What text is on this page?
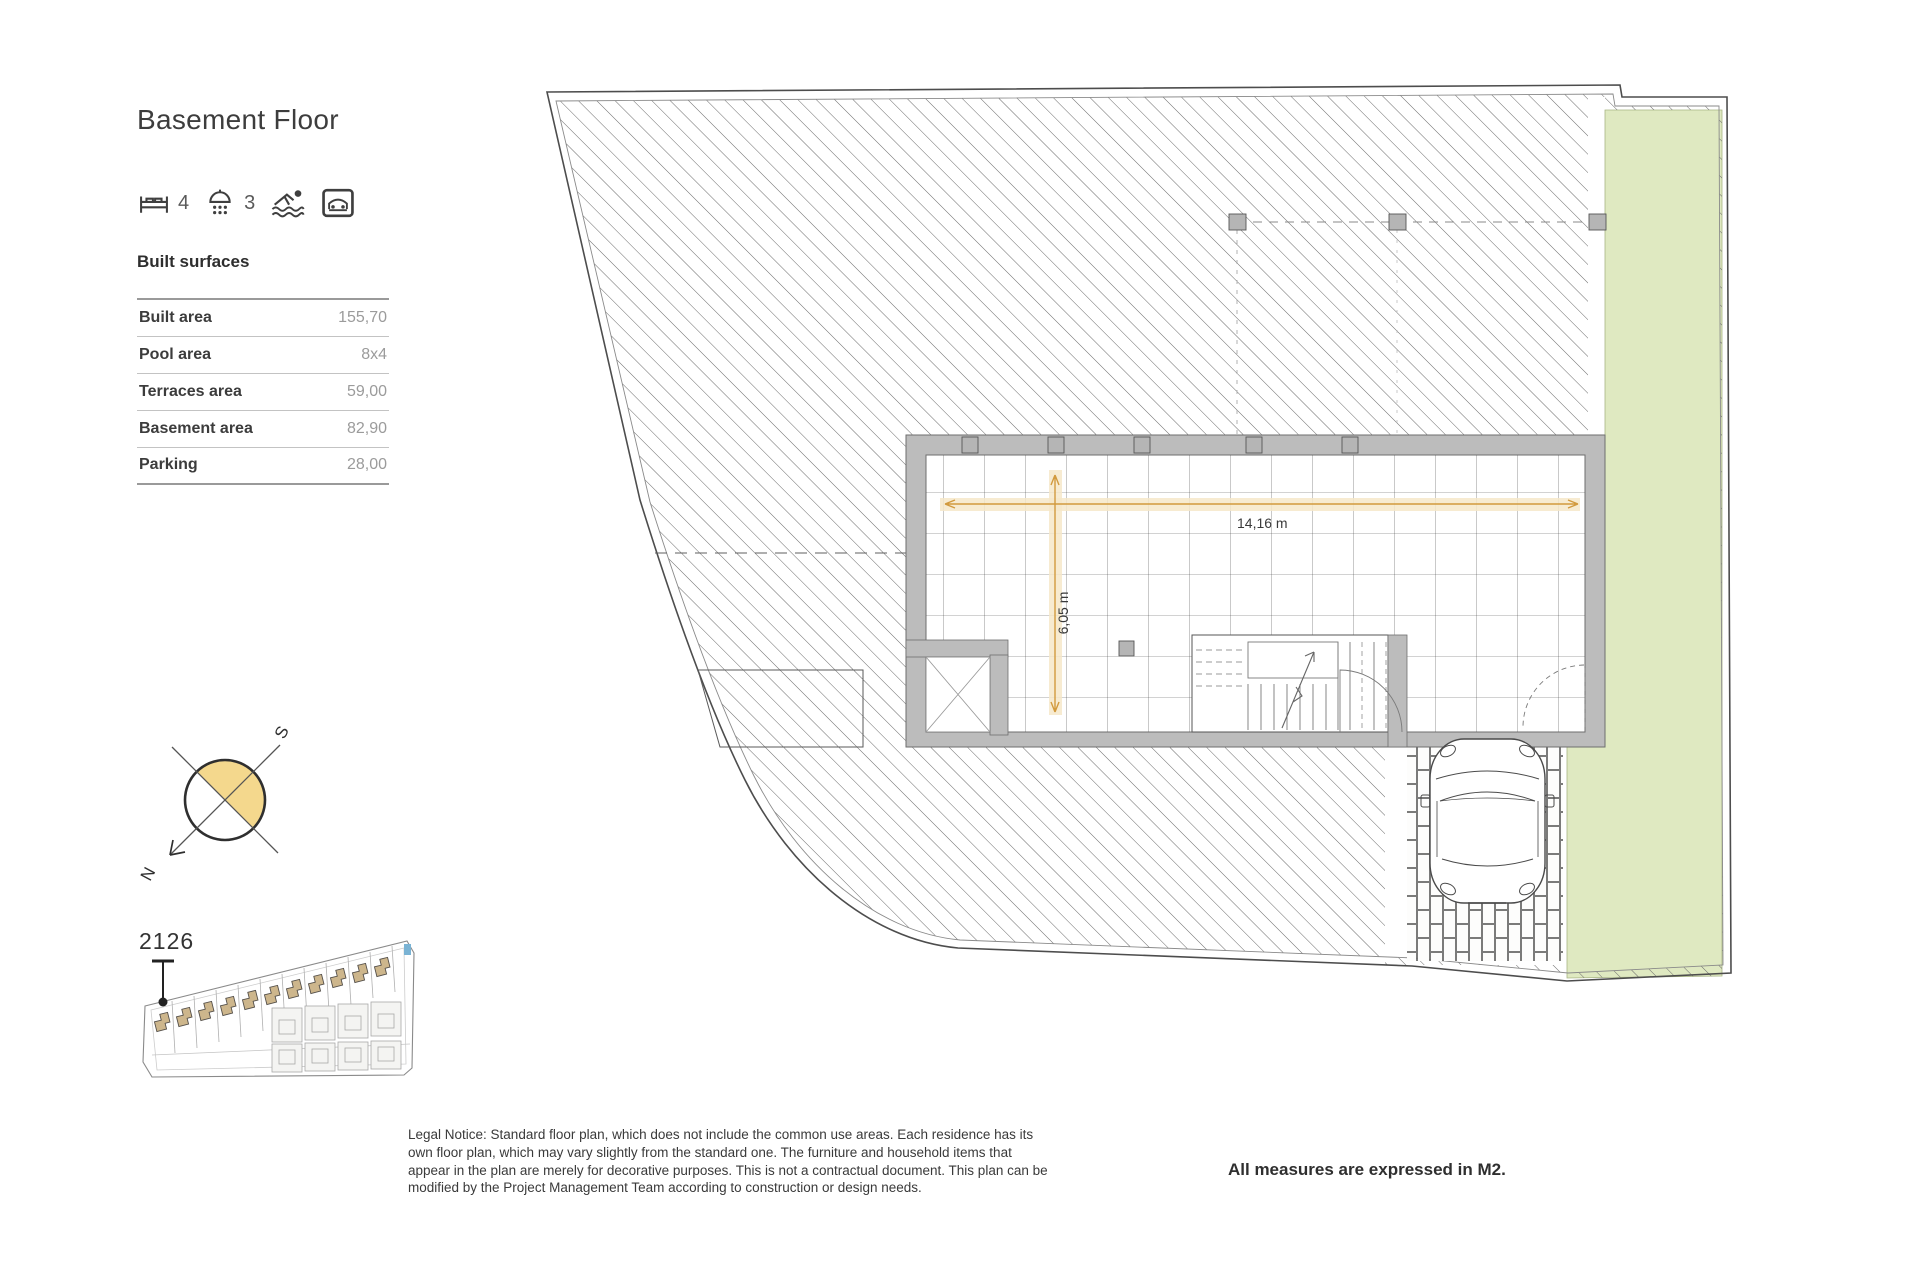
14,16 m
6,05 m
N
S
Basement Floor
4	3
Built surfaces
Built area	155,70
Pool area	8x4
Terraces area	59,00
Basement area	82,90
Parking	28,00
2126
Legal Notice: Standard floor plan, which does not include the common use areas. Each residence has its own floor plan, which may vary slightly from the standard one. The furniture and household items that appear in the plan are merely for decorative purposes. This is not a contractual document. This plan can be modified by the Project Management Team according to construction or design needs.
All measures are expressed in M2.
